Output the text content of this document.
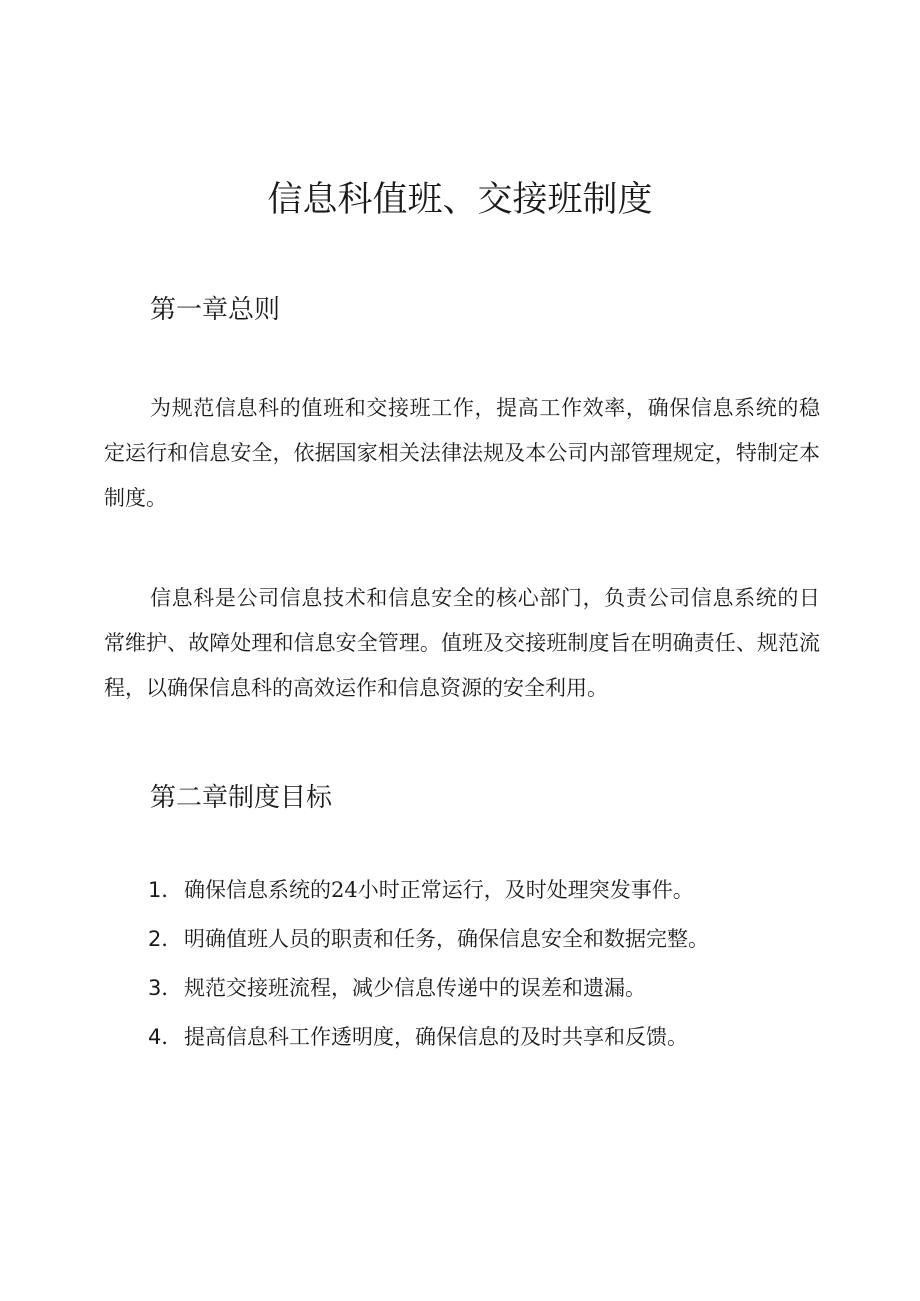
信息科值班、交接班制度
第一章总则

为规范信息科的值班和交接班工作，提高工作效率，确保信息系统的稳定运行和信息安全，依据国家相关法律法规及本公司内部管理规定，特制定本制度。

信息科是公司信息技术和信息安全的核心部门，负责公司信息系统的日常维护、故障处理和信息安全管理。值班及交接班制度旨在明确责任、规范流程，以确保信息科的高效运作和信息资源的安全利用。

第二章制度目标
1．确保信息系统的24小时正常运行，及时处理突发事件。
2．明确值班人员的职责和任务，确保信息安全和数据完整。
3．规范交接班流程，减少信息传递中的误差和遗漏。
4．提高信息科工作透明度，确保信息的及时共享和反馈。
